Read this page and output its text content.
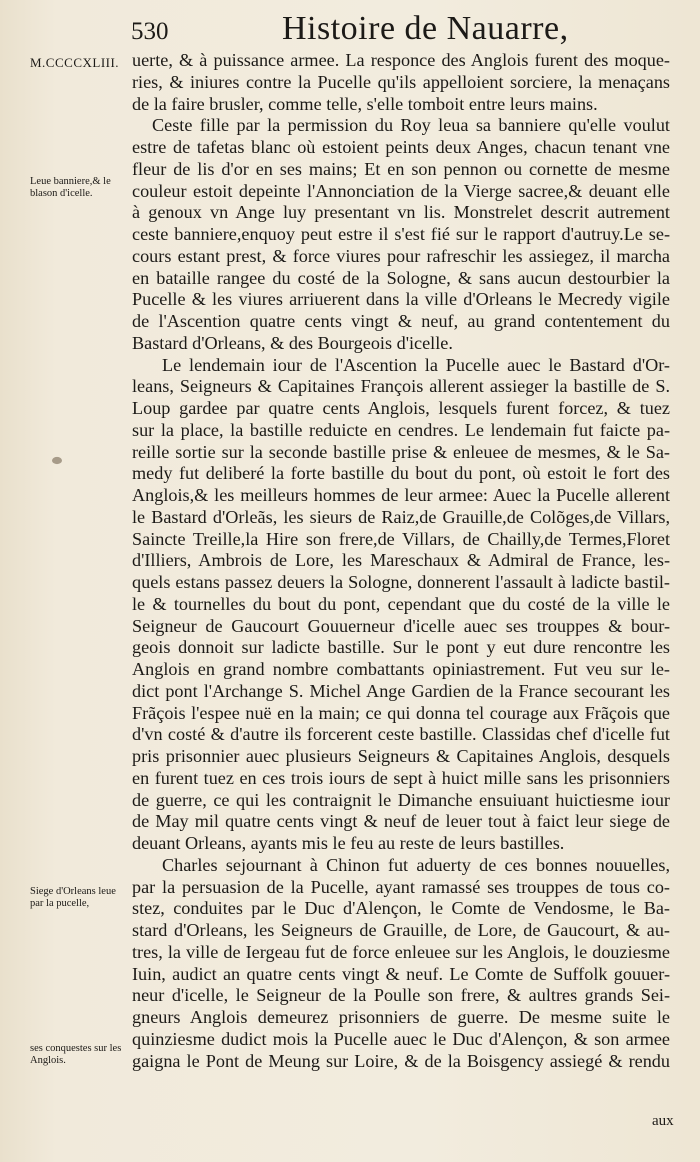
530	Histoire de Nauarre,
M.CCCCXLIII.
Leue banniere,& le blason d'icelle.
Siege d'Orleans leue par la pucelle,
ses conquestes sur les Anglois.
uerte, & à puissance armee. La responce des Anglois furent des moque-
ries, & iniures contre la Pucelle qu'ils appelloient sorciere, la menaçans
de la faire brusler, comme telle, s'elle tomboit entre leurs mains.
Ceste fille par la permission du Roy leua sa banniere qu'elle voulut
estre de tafetas blanc où estoient peints deux Anges, chacun tenant vne
fleur de lis d'or en ses mains; Et en son pennon ou cornette de mesme
couleur estoit depeinte l'Annonciation de la Vierge sacree,& deuant elle
à genoux vn Ange luy presentant vn lis. Monstrelet descrit autrement
ceste banniere,enquoy peut estre il s'est fié sur le rapport d'autruy.Le se-
cours estant prest, & force viures pour rafreschir les assiegez, il marcha
en bataille rangee du costé de la Sologne, & sans aucun destourbier la
Pucelle & les viures arriuerent dans la ville d'Orleans le Mecredy vigile
de l'Ascention quatre cents vingt & neuf, au grand contentement du
Bastard d'Orleans, & des Bourgeois d'icelle.
Le lendemain iour de l'Ascention la Pucelle auec le Bastard d'Or-
leans, Seigneurs & Capitaines François allerent assieger la bastille de S.
Loup gardee par quatre cents Anglois, lesquels furent forcez, & tuez
sur la place, la bastille reduicte en cendres. Le lendemain fut faicte pa-
reille sortie sur la seconde bastille prise & enleuee de mesmes, & le Sa-
medy fut deliberé la forte bastille du bout du pont, où estoit le fort des
Anglois,& les meilleurs hommes de leur armee: Auec la Pucelle allerent
le Bastard d'Orleãs, les sieurs de Raiz,de Grauille,de Colõges,de Villars,
Saincte Treille,la Hire son frere,de Villars, de Chailly,de Termes,Floret
d'Illiers, Ambrois de Lore, les Mareschaux & Admiral de France, les-
quels estans passez deuers la Sologne, donnerent l'assault à ladicte bastil-
le & tournelles du bout du pont, cependant que du costé de la ville le
Seigneur de Gaucourt Gouuerneur d'icelle auec ses trouppes & bour-
geois donnoit sur ladicte bastille. Sur le pont y eut dure rencontre les
Anglois en grand nombre combattants opiniastrement. Fut veu sur le-
dict pont l'Archange S. Michel Ange Gardien de la France secourant les
Frãçois l'espee nuë en la main; ce qui donna tel courage aux Frãçois que
d'vn costé & d'autre ils forcerent ceste bastille. Classidas chef d'icelle fut
pris prisonnier auec plusieurs Seigneurs & Capitaines Anglois, desquels
en furent tuez en ces trois iours de sept à huict mille sans les prisonniers
de guerre, ce qui les contraignit le Dimanche ensuiuant huictiesme iour
de May mil quatre cents vingt & neuf de leuer tout à faict leur siege de
deuant Orleans, ayants mis le feu au reste de leurs bastilles.
Charles sejournant à Chinon fut aduerty de ces bonnes nouuelles,
par la persuasion de la Pucelle, ayant ramassé ses trouppes de tous co-
stez, conduites par le Duc d'Alençon, le Comte de Vendosme, le Ba-
stard d'Orleans, les Seigneurs de Grauille, de Lore, de Gaucourt, & au-
tres, la ville de Iergeau fut de force enleuee sur les Anglois, le douziesme
Iuin, audict an quatre cents vingt & neuf. Le Comte de Suffolk gouuer-
neur d'icelle, le Seigneur de la Poulle son frere, & aultres grands Sei-
gneurs Anglois demeurez prisonniers de guerre. De mesme suite le
quinziesme dudict mois la Pucelle auec le Duc d'Alençon, & son armee
gaigna le Pont de Meung sur Loire, & de la Boisgency assiegé & rendu
aux
